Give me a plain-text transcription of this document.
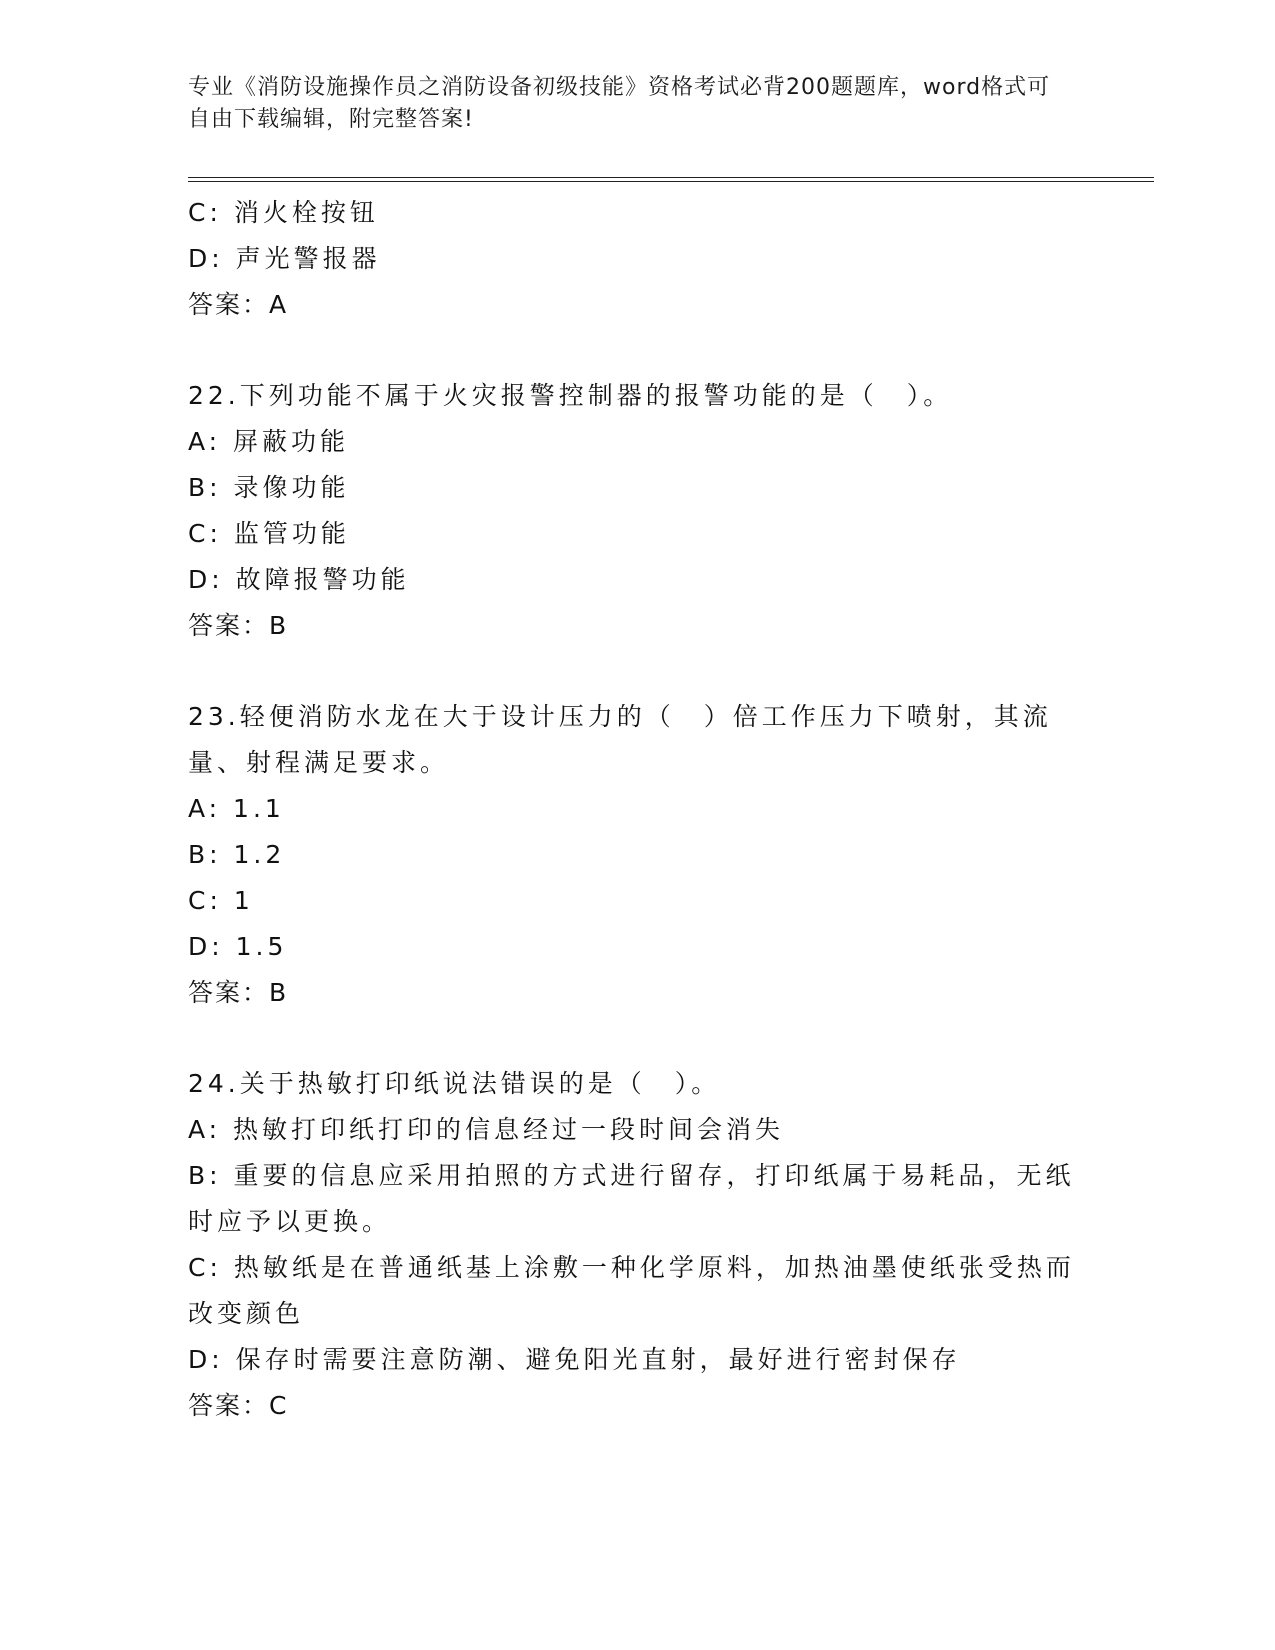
专业《消防设施操作员之消防设备初级技能》资格考试必背200题题库，word格式可自由下载编辑，附完整答案!
C: 消火栓按钮
D: 声光警报器
答案：A
22.下列功能不属于火灾报警控制器的报警功能的是（　）。
A: 屏蔽功能
B: 录像功能
C: 监管功能
D: 故障报警功能
答案：B
23.轻便消防水龙在大于设计压力的（　）倍工作压力下喷射，其流量、射程满足要求。
A: 1.1
B: 1.2
C: 1
D: 1.5
答案：B
24.关于热敏打印纸说法错误的是（　）。
A: 热敏打印纸打印的信息经过一段时间会消失
B: 重要的信息应采用拍照的方式进行留存，打印纸属于易耗品，无纸时应予以更换。
C: 热敏纸是在普通纸基上涂敷一种化学原料，加热油墨使纸张受热而改变颜色
D: 保存时需要注意防潮、避免阳光直射，最好进行密封保存
答案：C
